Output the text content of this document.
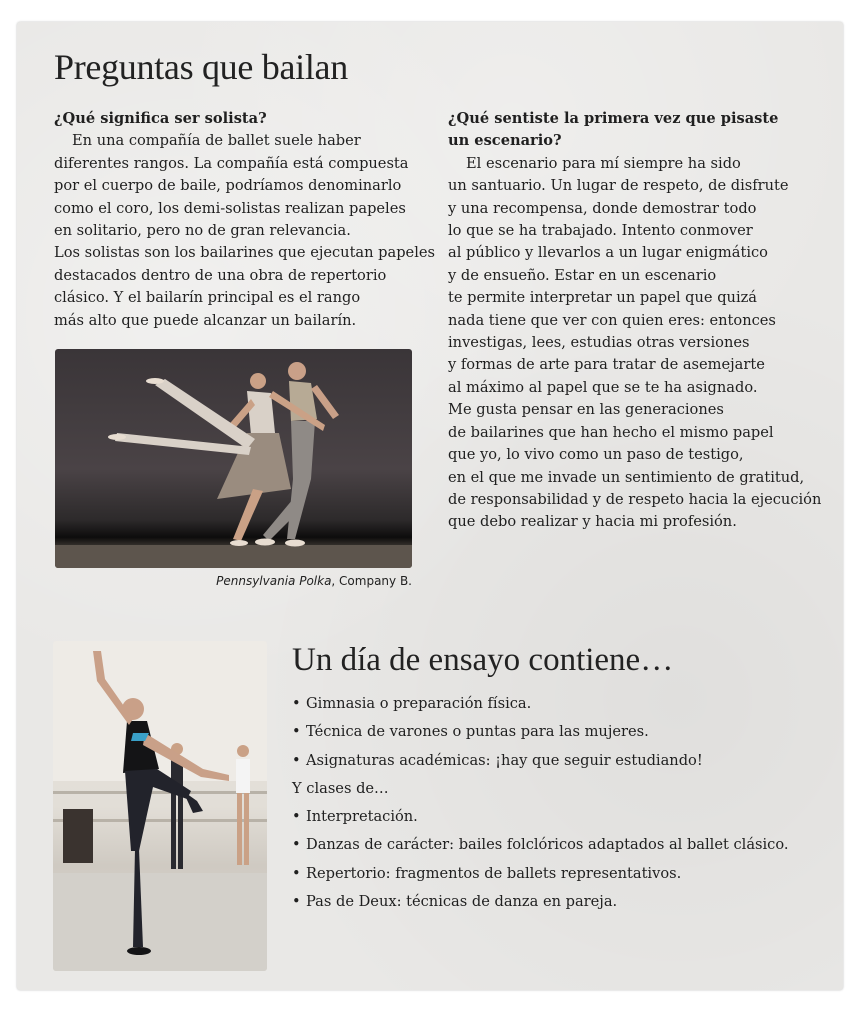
Preguntas que bailan
¿Qué significa ser solista?
En una compañía de ballet suele haber
diferentes rangos. La compañía está compuesta
por el cuerpo de baile, podríamos denominarlo
como el coro, los demi-solistas realizan papeles
en solitario, pero no de gran relevancia.
Los solistas son los bailarines que ejecutan papeles
destacados dentro de una obra de repertorio
clásico. Y el bailarín principal es el rango
más alto que puede alcanzar un bailarín.
Pennsylvania Polka, Company B.
¿Qué sentiste la primera vez que pisaste
un escenario?
El escenario para mí siempre ha sido
un santuario. Un lugar de respeto, de disfrute
y una recompensa, donde demostrar todo
lo que se ha trabajado. Intento conmover
al público y llevarlos a un lugar enigmático
y de ensueño. Estar en un escenario
te permite interpretar un papel que quizá
nada tiene que ver con quien eres: entonces
investigas, lees, estudias otras versiones
y formas de arte para tratar de asemejarte
al máximo al papel que se te ha asignado.
Me gusta pensar en las generaciones
de bailarines que han hecho el mismo papel
que yo, lo vivo como un paso de testigo,
en el que me invade un sentimiento de gratitud,
de responsabilidad y de respeto hacia la ejecución
que debo realizar y hacia mi profesión.
Un día de ensayo contiene…
• Gimnasia o preparación física.
• Técnica de varones o puntas para las mujeres.
• Asignaturas académicas: ¡hay que seguir estudiando!
Y clases de…
• Interpretación.
• Danzas de carácter: bailes folclóricos adaptados al ballet clásico.
• Repertorio: fragmentos de ballets representativos.
• Pas de Deux: técnicas de danza en pareja.
